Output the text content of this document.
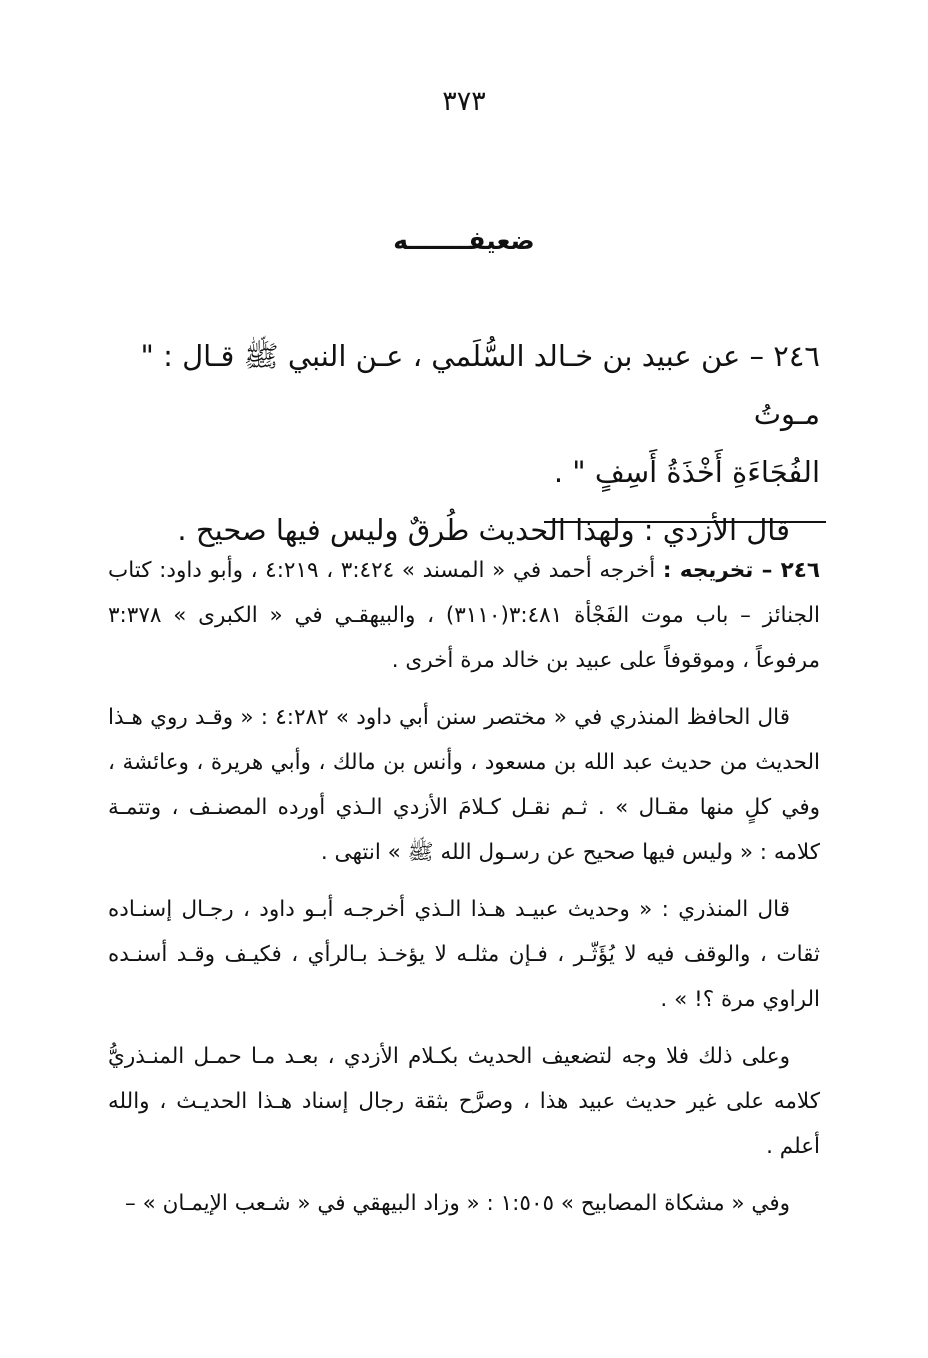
٣٧٣
ضعيفـــــــه

٢٤٦ – عن عبيد بن خـالد السُّلَمي ، عـن النبي ﷺ قـال : " مـوتُ

الفُجَاءَةِ أَخْذَةُ أَسِفٍ " .

قال الأزدي : ولهذا الحديث طُرقٌ وليس فيها صحيح .

٢٤٦ – تخريجه : أخرجه أحمد في « المسند » ٣:٤٢٤ ، ٤:٢١٩ ، وأبو داود: كتاب الجنائز – باب موت الفَجْأة ٣:٤٨١(٣١١٠) ، والبيهقـي في « الكبرى » ٣:٣٧٨ مرفوعاً ، وموقوفاً على عبيد بن خالد مرة أخرى .

قال الحافظ المنذري في « مختصر سنن أبي داود » ٤:٢٨٢ : « وقـد روي هـذا الحديث من حديث عبد الله بن مسعود ، وأنس بن مالك ، وأبي هريرة ، وعائشة ، وفي كلٍ منها مقـال » . ثـم نقـل كـلامَ الأزدي الـذي أورده المصنـف ، وتتمـة كلامه : « وليس فيها صحيح عن رسـول الله ﷺ » انتهى .

قال المنذري : « وحديث عبيـد هـذا الـذي أخرجـه أبـو داود ، رجـال إسنـاده ثقات ، والوقف فيه لا يُؤَثّـر ، فـإن مثلـه لا يؤخـذ بـالرأي ، فكيـف وقـد أسنـده الراوي مرة ؟! » .

وعلى ذلك فلا وجه لتضعيف الحديث بكـلام الأزدي ، بعـد مـا حمـل المنـذريُّ كلامه على غير حديث عبيد هذا ، وصرَّح بثقة رجال إسناد هـذا الحديـث ، والله أعلم .

وفي « مشكاة المصابيح » ١:٥٠٥ : « وزاد البيهقي في « شـعب الإيمـان » –
